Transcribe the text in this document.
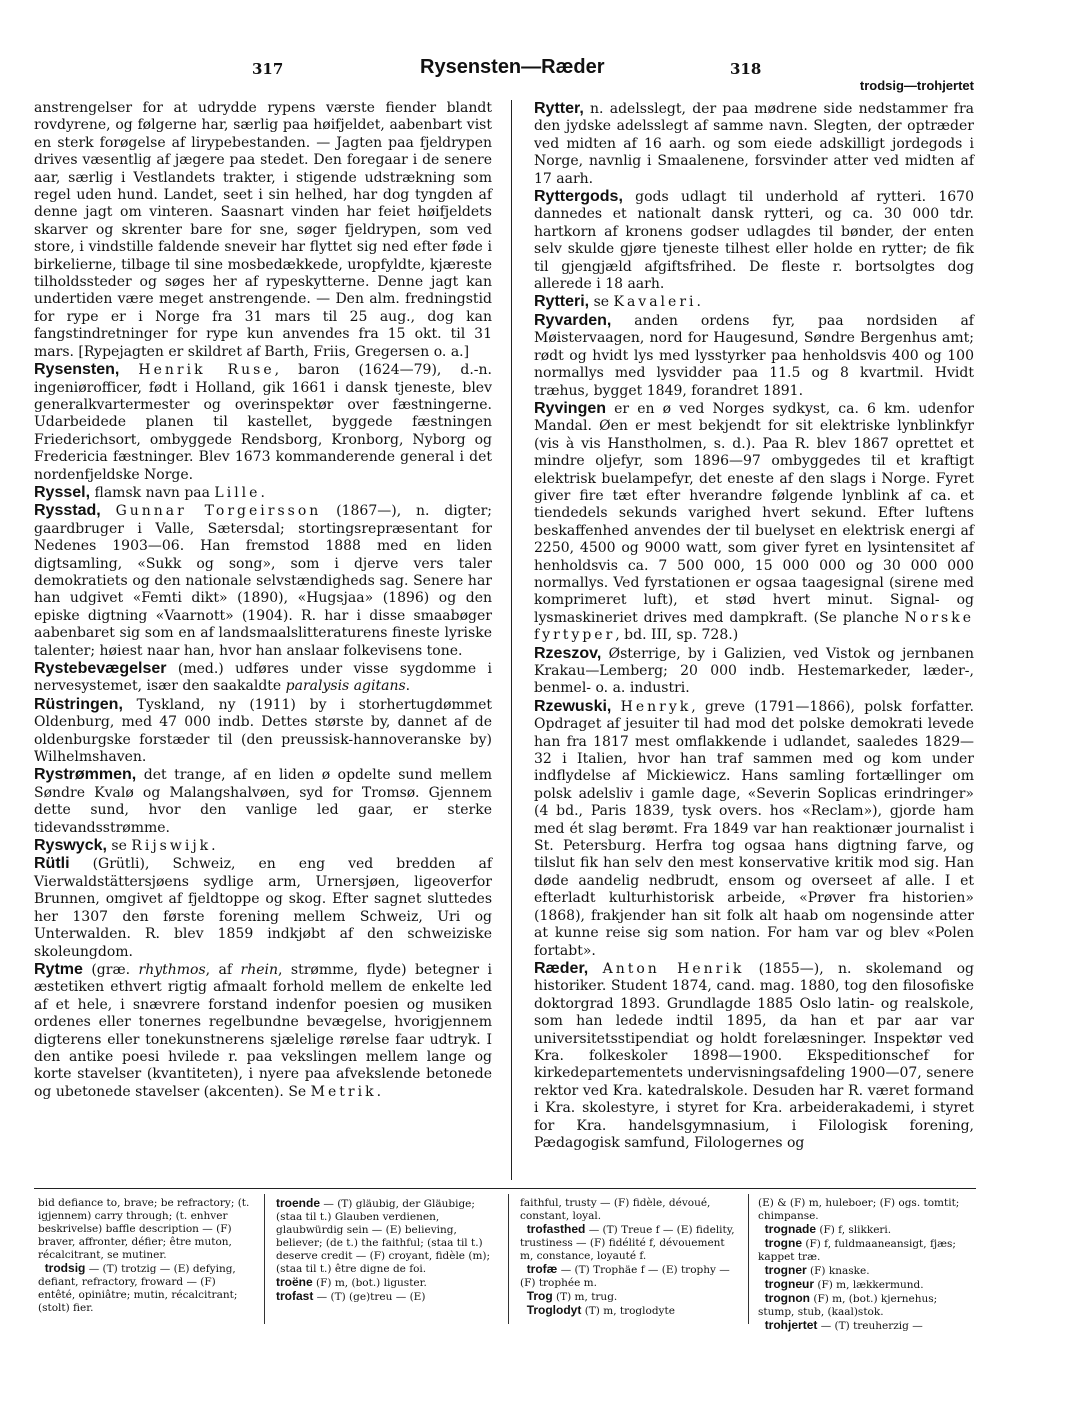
317	Rysensten—Ræder	318
trodsig—trohjertet

anstrengelser for at udrydde rypens værste fiender blandt rovdyrene, og følgerne har, særlig paa høifjeldet, aabenbart vist en sterk forøgelse af lirypebestanden. — Jagten paa fjeldrypen drives væsentlig af jægere paa stedet. Den foregaar i de senere aar, særlig i Vestlandets trakter, i stigende udstrækning som regel uden hund. Landet, seet i sin helhed, har dog tyngden af denne jagt om vinteren. Saasnart vinden har feiet høifjeldets skarver og skrenter bare for sne, søger fjeldrypen, som ved store, i vindstille faldende sneveir har flyttet sig ned efter føde i birkelierne, tilbage til sine mosbedækkede, uropfyldte, kjæreste tilholdssteder og søges her af rypeskytterne. Denne jagt kan undertiden være meget anstrengende. — Den alm. fredningstid for rype er i Norge fra 31 mars til 25 aug., dog kan fangstindretninger for rype kun anvendes fra 15 okt. til 31 mars. [Rypejagten er skildret af Barth, Friis, Gregersen o. a.]

Rysensten, Henrik Ruse, baron (1624—79), d.-n. ingeniørofficer, født i Holland, gik 1661 i dansk tjeneste, blev generalkvartermester og overinspektør over fæstningerne. Udarbeidede planen til kastellet, byggede fæstningen Friederichsort, ombyggede Rendsborg, Kronborg, Nyborg og Fredericia fæstninger. Blev 1673 kommanderende general i det nordenfjeldske Norge.

Ryssel, flamsk navn paa Lille.

Rysstad, Gunnar Torgeirsson (1867—), n. digter; gaardbruger i Valle, Sætersdal; stortingsrepræsentant for Nedenes 1903—06. Han fremstod 1888 med en liden digtsamling, «Sukk og song», som i djerve vers taler demokratiets og den nationale selvstændigheds sag. Senere har han udgivet «Femti dikt» (1890), «Hugsjaa» (1896) og den episke digtning «Vaarnott» (1904). R. har i disse smaabøger aabenbaret sig som en af landsmaalslitteraturens fineste lyriske talenter; høiest naar han, hvor han anslaar folkevisens tone.

Rystebevægelser (med.) udføres under visse sygdomme i nervesystemet, især den saakaldte paralysis agitans.

Rüstringen, Tyskland, ny (1911) by i storhertugdømmet Oldenburg, med 47 000 indb. Dettes største by, dannet af de oldenburgske forstæder til (den preussisk-hannoveranske by) Wilhelmshaven.

Rystrømmen, det trange, af en liden ø opdelte sund mellem Søndre Kvalø og Malangshalvøen, syd for Tromsø. Gjennem dette sund, hvor den vanlige led gaar, er sterke tidevandsstrømme.

Ryswyck, se Rijswijk.

Rütli (Grütli), Schweiz, en eng ved bredden af Vierwaldstättersjøens sydlige arm, Urnersjøen, ligeoverfor Brunnen, omgivet af fjeldtoppe og skog. Efter sagnet sluttedes her 1307 den første forening mellem Schweiz, Uri og Unterwalden. R. blev 1859 indkjøbt af den schweiziske skoleungdom.

Rytme (græ. rhythmos, af rhein, strømme, flyde) betegner i æstetiken ethvert rigtig afmaalt forhold mellem de enkelte led af et hele, i snævrere forstand indenfor poesien og musiken ordenes eller tonernes regelbundne bevægelse, hvorigjennem digterens eller tonekunstnerens sjælelige rørelse faar udtryk. I den antike poesi hvilede r. paa vekslingen mellem lange og korte stavelser (kvantiteten), i nyere paa afvekslende betonede og ubetonede stavelser (akcenten). Se Metrik.

Rytter, n. adelsslegt, der paa mødrene side nedstammer fra den jydske adelsslegt af samme navn. Slegten, der optræder ved midten af 16 aarh. og som eiede adskilligt jordegods i Norge, navnlig i Smaalenene, forsvinder atter ved midten af 17 aarh.

Ryttergods, gods udlagt til underhold af rytteri. 1670 dannedes et nationalt dansk rytteri, og ca. 30 000 tdr. hartkorn af kronens godser udlagdes til bønder, der enten selv skulde gjøre tjeneste tilhest eller holde en rytter; de fik til gjengjæld afgiftsfrihed. De fleste r. bortsolgtes dog allerede i 18 aarh.

Rytteri, se Kavaleri.

Ryvarden, anden ordens fyr, paa nordsiden af Møistervaagen, nord for Haugesund, Søndre Bergenhus amt; rødt og hvidt lys med lysstyrker paa henholdsvis 400 og 100 normallys med lysvidder paa 11.5 og 8 kvartmil. Hvidt træhus, bygget 1849, forandret 1891.

Ryvingen er en ø ved Norges sydkyst, ca. 6 km. udenfor Mandal. Øen er mest bekjendt for sit elektriske lynblinkfyr (vis à vis Hanstholmen, s. d.). Paa R. blev 1867 oprettet et mindre oljefyr, som 1896—97 ombyggedes til et kraftigt elektrisk buelampefyr, det eneste af den slags i Norge. Fyret giver fire tæt efter hverandre følgende lynblink af ca. et tiendedels sekunds varighed hvert sekund. Efter luftens beskaffenhed anvendes der til buelyset en elektrisk energi af 2250, 4500 og 9000 watt, som giver fyret en lysintensitet af henholdsvis ca. 7 500 000, 15 000 000 og 30 000 000 normallys. Ved fyrstationen er ogsaa taagesignal (sirene med komprimeret luft), et stød hvert minut. Signal- og lysmaskineriet drives med dampkraft. (Se planche Norske fyrtyper, bd. III, sp. 728.)

Rzeszov, Østerrige, by i Galizien, ved Vistok og jernbanen Krakau—Lemberg; 20 000 indb. Hestemarkeder, læder-, benmel- o. a. industri.

Rzewuski, Henryk, greve (1791—1866), polsk forfatter. Opdraget af jesuiter til had mod det polske demokrati levede han fra 1817 mest omflakkende i udlandet, saaledes 1829—32 i Italien, hvor han traf sammen med og kom under indflydelse af Mickiewicz. Hans samling fortællinger om polsk adelsliv i gamle dage, «Severin Soplicas erindringer» (4 bd., Paris 1839, tysk overs. hos «Reclam»), gjorde ham med ét slag berømt. Fra 1849 var han reaktionær journalist i St. Petersburg. Herfra tog ogsaa hans digtning farve, og tilslut fik han selv den mest konservative kritik mod sig. Han døde aandelig nedbrudt, ensom og overseet af alle. I et efterladt kulturhistorisk arbeide, «Prøver fra historien» (1868), frakjender han sit folk alt haab om nogensinde atter at kunne reise sig som nation. For ham var og blev «Polen fortabt».

Ræder, Anton Henrik (1855—), n. skolemand og historiker. Student 1874, cand. mag. 1880, tog den filosofiske doktorgrad 1893. Grundlagde 1885 Oslo latin- og realskole, som han ledede indtil 1895, da han et par aar var universitetsstipendiat og holdt forelæsninger. Inspektør ved Kra. folkeskoler 1898—1900. Ekspeditionschef for kirkedepartementets undervisningsafdeling 1900—07, senere rektor ved Kra. katedralskole. Desuden har R. været formand i Kra. skolestyre, i styret for Kra. arbeiderakademi, i styret for Kra. handelsgymnasium, i Filologisk forening, Pædagogisk samfund, Filologernes og

bid defiance to, brave; be refractory; (t. igjennem) carry through; (t. enhver beskrivelse) baffle description — (F) braver, affronter, défier; être muton, récalcitrant, se mutiner.

trodsig — (T) trotzig — (E) defying, defiant, refractory, froward — (F) entêté, opiniâtre; mutin, récalcitrant; (stolt) fier.

troende — (T) gläubig, der Gläubige; (staa til t.) Glauben verdienen, glaubwürdig sein — (E) believing, believer; (de t.) the faithful; (staa til t.) deserve credit — (F) croyant, fidèle (m); (staa til t.) être digne de foi.

troëne (F) m, (bot.) liguster.

trofast — (T) (ge)treu — (E)

faithful, trusty — (F) fidèle, dévoué, constant, loyal.

trofasthed — (T) Treue f — (E) fidelity, trustiness — (F) fidélité f, dévouement m, constance, loyauté f.

trofæ — (T) Trophäe f — (E) trophy — (F) trophée m.

Trog (T) m, trug.

Troglodyt (T) m, troglodyte

(E) & (F) m, huleboer; (F) ogs. tomtit; chimpanse.

trognade (F) f, slikkeri.

trogne (F) f, fuldmaaneansigt, fjæs; kappet træ.

trogner (F) knaske.

trogneur (F) m, lækkermund.

trognon (F) m, (bot.) kjernehus; stump, stub, (kaal)stok.

trohjertet — (T) treuherzig —
